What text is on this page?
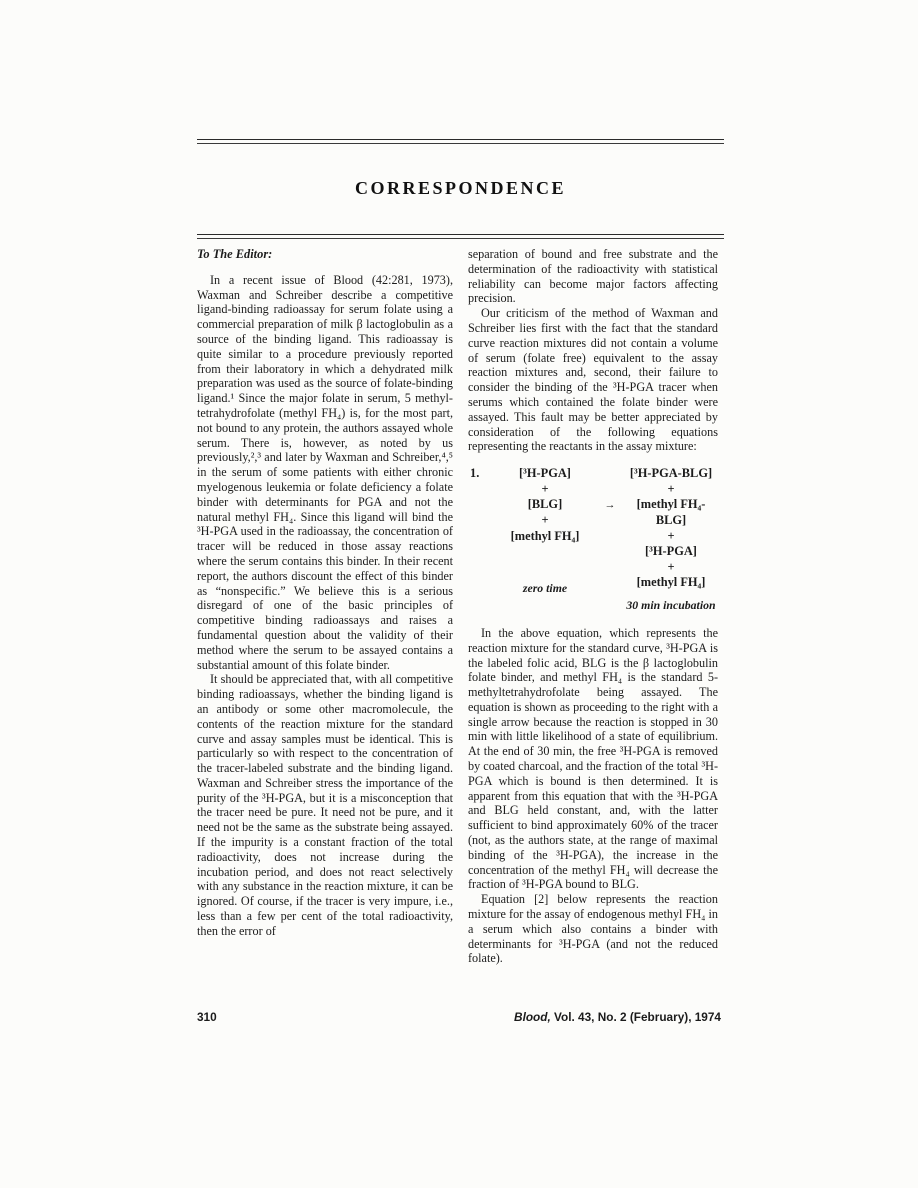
CORRESPONDENCE
To The Editor:

In a recent issue of Blood (42:281, 1973), Waxman and Schreiber describe a competitive ligand-binding radioassay for serum folate using a commercial preparation of milk β lactoglobulin as a source of the binding ligand. This radioassay is quite similar to a procedure previously reported from their laboratory in which a dehydrated milk preparation was used as the source of folate-binding ligand.¹ Since the major folate in serum, 5 methyl-tetrahydrofolate (methyl FH₄) is, for the most part, not bound to any protein, the authors assayed whole serum. There is, however, as noted by us previously,²,³ and later by Waxman and Schreiber,⁴,⁵ in the serum of some patients with either chronic myelogenous leukemia or folate deficiency a folate binder with determinants for PGA and not the natural methyl FH₄. Since this ligand will bind the ³H-PGA used in the radioassay, the concentration of tracer will be reduced in those assay reactions where the serum contains this binder. In their recent report, the authors discount the effect of this binder as “nonspecific.” We believe this is a serious disregard of one of the basic principles of competitive binding radioassays and raises a fundamental question about the validity of their method where the serum to be assayed contains a substantial amount of this folate binder.

It should be appreciated that, with all competitive binding radioassays, whether the binding ligand is an antibody or some other macromolecule, the contents of the reaction mixture for the standard curve and assay samples must be identical. This is particularly so with respect to the concentration of the tracer-labeled substrate and the binding ligand. Waxman and Schreiber stress the importance of the purity of the ³H-PGA, but it is a misconception that the tracer need be pure. It need not be pure, and it need not be the same as the substrate being assayed. If the impurity is a constant fraction of the total radioactivity, does not increase during the incubation period, and does not react selectively with any substance in the reaction mixture, it can be ignored. Of course, if the tracer is very impure, i.e., less than a few per cent of the total radioactivity, then the error of

separation of bound and free substrate and the determination of the radioactivity with statistical reliability can become major factors affecting precision.

Our criticism of the method of Waxman and Schreiber lies first with the fact that the standard curve reaction mixtures did not contain a volume of serum (folate free) equivalent to the assay reaction mixtures and, second, their failure to consider the binding of the ³H-PGA tracer when serums which contained the folate binder were assayed. This fault may be better appreciated by consideration of the following equations representing the reactants in the assay mixture:

1.	[³H-PGA]
+
[BLG]
+
[methyl FH₄]
zero time
→
[³H-PGA-BLG]
+
[methyl FH₄-BLG]
+
[³H-PGA]
+
[methyl FH₄]
30 min incubation

In the above equation, which represents the reaction mixture for the standard curve, ³H-PGA is the labeled folic acid, BLG is the β lactoglobulin folate binder, and methyl FH₄ is the standard 5-methyltetrahydrofolate being assayed. The equation is shown as proceeding to the right with a single arrow because the reaction is stopped in 30 min with little likelihood of a state of equilibrium. At the end of 30 min, the free ³H-PGA is removed by coated charcoal, and the fraction of the total ³H-PGA which is bound is then determined. It is apparent from this equation that with the ³H-PGA and BLG held constant, and, with the latter sufficient to bind approximately 60% of the tracer (not, as the authors state, at the range of maximal binding of the ³H-PGA), the increase in the concentration of the methyl FH₄ will decrease the fraction of ³H-PGA bound to BLG.

Equation [2] below represents the reaction mixture for the assay of endogenous methyl FH₄ in a serum which also contains a binder with determinants for ³H-PGA (and not the reduced folate).

310	Blood, Vol. 43, No. 2 (February), 1974
